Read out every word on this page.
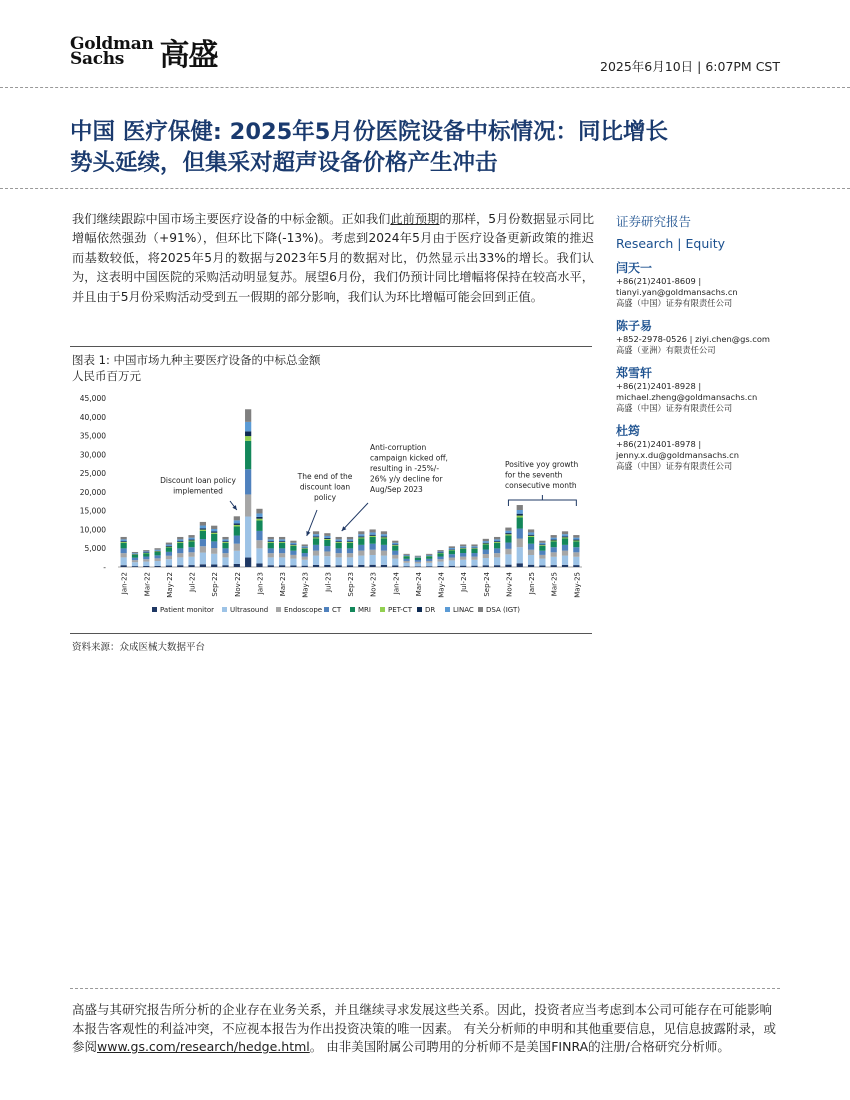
Goldman
Sachs	高盛	2025年6月10日 | 6:07PM CST
中国 医疗保健: 2025年5月份医院设备中标情况：同比增长
势头延续，但集采对超声设备价格产生冲击
我们继续跟踪中国市场主要医疗设备的中标金额。正如我们此前预期的那样，5月份数据显示同比增幅依然强劲（+91%），但环比下降(-13%)。考虑到2024年5月由于医疗设备更新政策的推迟而基数较低，将2025年5月的数据与2023年5月的数据对比，仍然显示出33%的增长。我们认为，这表明中国医院的采购活动明显复苏。展望6月份，我们仍预计同比增幅将保持在较高水平，并且由于5月份采购活动受到五一假期的部分影响，我们认为环比增幅可能会回到正值。
证券研究报告
Research | Equity
闫天一
+86(21)2401-8609 |
tianyi.yan@goldmansachs.cn
高盛（中国）证券有限责任公司
陈子易
+852-2978-0526 | ziyi.chen@gs.com
高盛（亚洲）有限责任公司
郑雪轩
+86(21)2401-8928 |
michael.zheng@goldmansachs.cn
高盛（中国）证券有限责任公司
杜筠
+86(21)2401-8978 |
jenny.x.du@goldmansachs.cn
高盛（中国）证券有限责任公司
图表 1: 中国市场九种主要医疗设备的中标总金额
人民币百万元
-
5,000
10,000
15,000
20,000
25,000
30,000
35,000
40,000
45,000
Jan-22 Mar-22 May-22 Jul-22 Sep-22 Nov-22 Jan-23 Mar-23 May-23 Jul-23 Sep-23 Nov-23 Jan-24 Mar-24 May-24 Jul-24 Sep-24 Nov-24 Jan-25 Mar-25 May-25
Discount loan policy
implemented
The end of the
discount loan
policy
Anti-corruption
campaign kicked off,
resulting in -25%/-
26% y/y decline for
Aug/Sep 2023
Positive yoy growth
for the seventh
consecutive month
Patient monitor Ultrasound Endoscope CT MRI PET-CT DR	LINAC DSA (IGT)
资料来源：众成医械大数据平台
高盛与其研究报告所分析的企业存在业务关系，并且继续寻求发展这些关系。因此，投资者应当考虑到本公司可能存在可能影响本报告客观性的利益冲突，不应视本报告为作出投资决策的唯一因素。 有关分析师的申明和其他重要信息，见信息披露附录，或参阅www.gs.com/research/hedge.html。 由非美国附属公司聘用的分析师不是美国FINRA的注册/合格研究分析师。
